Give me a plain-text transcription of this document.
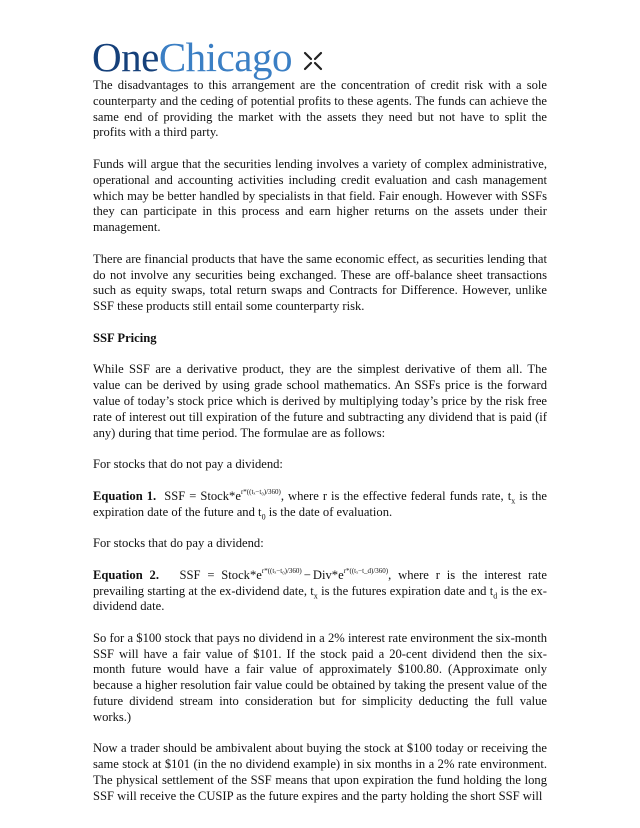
One Chicago

The disadvantages to this arrangement are the concentration of credit risk with a sole counterparty and the ceding of potential profits to these agents. The funds can achieve the same end of providing the market with the assets they need but not have to split the profits with a third party.

Funds will argue that the securities lending involves a variety of complex administrative, operational and accounting activities including credit evaluation and cash management which may be better handled by specialists in that field. Fair enough. However with SSFs they can participate in this process and earn higher returns on the assets under their management.

There are financial products that have the same economic effect, as securities lending that do not involve any securities being exchanged. These are off-balance sheet transactions such as equity swaps, total return swaps and Contracts for Difference. However, unlike SSF these products still entail some counterparty risk.

SSF Pricing

While SSF are a derivative product, they are the simplest derivative of them all. The value can be derived by using grade school mathematics. An SSFs price is the forward value of today’s stock price which is derived by multiplying today’s price by the risk free rate of interest out till expiration of the future and subtracting any dividend that is paid (if any) during that time period. The formulae are as follows:

For stocks that do not pay a dividend:

Equation 1. SSF = $Stock*e^{r*((t_x-t_0)/360)}$, where r is the effective federal funds rate, $t_x$ is the expiration date of the future and $t_0$ is the date of evaluation.

For stocks that do pay a dividend:

Equation 2. SSF = $Stock*e^{r*((t_x-t_0)/360)} - Div*e^{r*((t_x-t\_d)/360)}$, where r is the interest rate prevailing starting at the ex-dividend date, $t_x$ is the futures expiration date and $t_d$ is the ex-dividend date.

So for a $100 stock that pays no dividend in a 2% interest rate environment the six-month SSF will have a fair value of $101. If the stock paid a 20-cent dividend then the six-month future would have a fair value of approximately $100.80. (Approximate only because a higher resolution fair value could be obtained by taking the present value of the future dividend stream into consideration but for simplicity deducting the full value works.)

Now a trader should be ambivalent about buying the stock at $100 today or receiving the same stock at $101 (in the no dividend example) in six months in a 2% rate environment. The physical settlement of the SSF means that upon expiration the fund holding the long SSF will receive the CUSIP as the future expires and the party holding the short SSF will
